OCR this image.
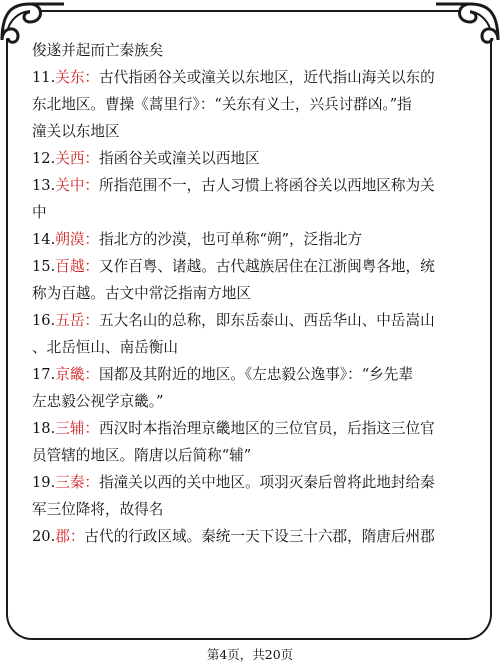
俊遂并起而亡秦族矣
11.关东：古代指函谷关或潼关以东地区，近代指山海关以东的
东北地区。曹操《蒿里行》：“关东有义士，兴兵讨群凶。”指
潼关以东地区
12.关西：指函谷关或潼关以西地区
13.关中：所指范围不一，古人习惯上将函谷关以西地区称为关
中
14.朔漠：指北方的沙漠，也可单称“朔”，泛指北方
15.百越：又作百粤、诸越。古代越族居住在江浙闽粤各地，统
称为百越。古文中常泛指南方地区
16.五岳：五大名山的总称，即东岳泰山、西岳华山、中岳嵩山
、北岳恒山、南岳衡山
17.京畿：国都及其附近的地区。《左忠毅公逸事》：“乡先辈
左忠毅公视学京畿。”
18.三辅：西汉时本指治理京畿地区的三位官员，后指这三位官
员管辖的地区。隋唐以后简称“辅”
19.三秦：指潼关以西的关中地区。项羽灭秦后曾将此地封给秦
军三位降将，故得名
20.郡：古代的行政区域。秦统一天下设三十六郡，隋唐后州郡
第4页，共20页
